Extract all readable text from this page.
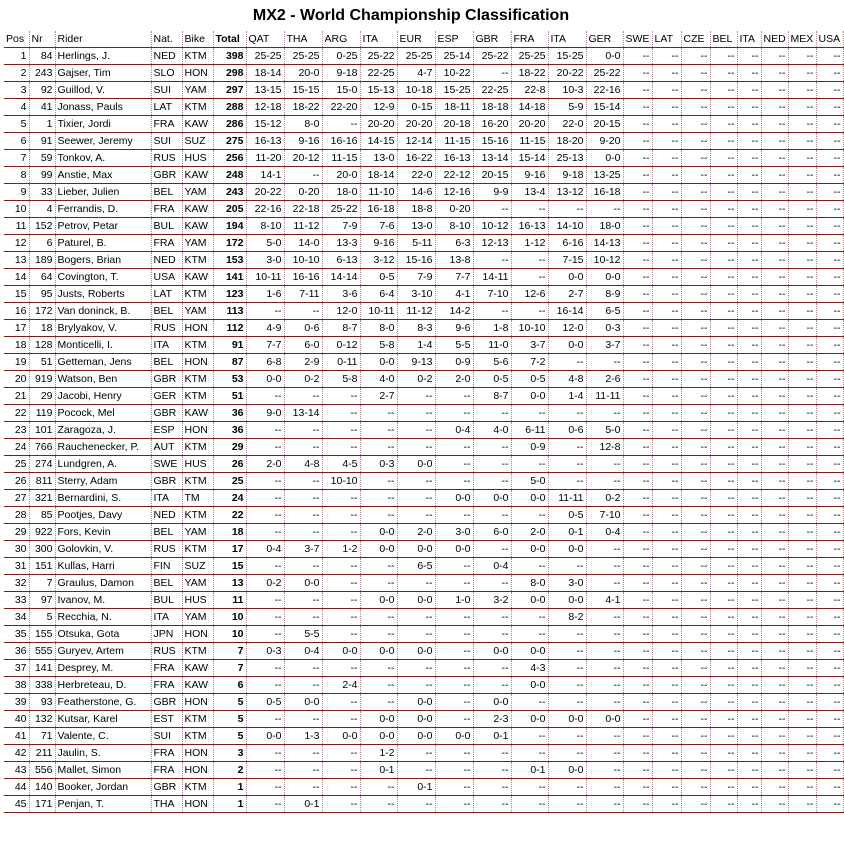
MX2 - World Championship Classification
Pos	Nr	Rider	Nat.	Bike	Total	QAT	THA	ARG	ITA	EUR	ESP	GBR	FRA	ITA	GER	SWE	LAT	CZE	BEL	ITA	NED	MEX	USA
1	84	Herlings, J.	NED	KTM	398	25-25	25-25	0-25	25-22	25-25	25-14	25-22	25-25	15-25	0-0	--	--	--	--	--	--	--	--
2	243	Gajser, Tim	SLO	HON	298	18-14	20-0	9-18	22-25	4-7	10-22	--	18-22	20-22	25-22	--	--	--	--	--	--	--	--
3	92	Guillod, V.	SUI	YAM	297	13-15	15-15	15-0	15-13	10-18	15-25	22-25	22-8	10-3	22-16	--	--	--	--	--	--	--	--
4	41	Jonass, Pauls	LAT	KTM	288	12-18	18-22	22-20	12-9	0-15	18-11	18-18	14-18	5-9	15-14	--	--	--	--	--	--	--	--
5	1	Tixier, Jordi	FRA	KAW	286	15-12	8-0	--	20-20	20-20	20-18	16-20	20-20	22-0	20-15	--	--	--	--	--	--	--	--
6	91	Seewer, Jeremy	SUI	SUZ	275	16-13	9-16	16-16	14-15	12-14	11-15	15-16	11-15	18-20	9-20	--	--	--	--	--	--	--	--
7	59	Tonkov, A.	RUS	HUS	256	11-20	20-12	11-15	13-0	16-22	16-13	13-14	15-14	25-13	0-0	--	--	--	--	--	--	--	--
8	99	Anstie, Max	GBR	KAW	248	14-1	--	20-0	18-14	22-0	22-12	20-15	9-16	9-18	13-25	--	--	--	--	--	--	--	--
9	33	Lieber, Julien	BEL	YAM	243	20-22	0-20	18-0	11-10	14-6	12-16	9-9	13-4	13-12	16-18	--	--	--	--	--	--	--	--
10	4	Ferrandis, D.	FRA	KAW	205	22-16	22-18	25-22	16-18	18-8	0-20	--	--	--	--	--	--	--	--	--	--	--	--
11	152	Petrov, Petar	BUL	KAW	194	8-10	11-12	7-9	7-6	13-0	8-10	10-12	16-13	14-10	18-0	--	--	--	--	--	--	--	--
12	6	Paturel, B.	FRA	YAM	172	5-0	14-0	13-3	9-16	5-11	6-3	12-13	1-12	6-16	14-13	--	--	--	--	--	--	--	--
13	189	Bogers, Brian	NED	KTM	153	3-0	10-10	6-13	3-12	15-16	13-8	--	--	7-15	10-12	--	--	--	--	--	--	--	--
14	64	Covington, T.	USA	KAW	141	10-11	16-16	14-14	0-5	7-9	7-7	14-11	--	0-0	0-0	--	--	--	--	--	--	--	--
15	95	Justs, Roberts	LAT	KTM	123	1-6	7-11	3-6	6-4	3-10	4-1	7-10	12-6	2-7	8-9	--	--	--	--	--	--	--	--
16	172	Van doninck, B.	BEL	YAM	113	--	--	12-0	10-11	11-12	14-2	--	--	16-14	6-5	--	--	--	--	--	--	--	--
17	18	Brylyakov, V.	RUS	HON	112	4-9	0-6	8-7	8-0	8-3	9-6	1-8	10-10	12-0	0-3	--	--	--	--	--	--	--	--
18	128	Monticelli, I.	ITA	KTM	91	7-7	6-0	0-12	5-8	1-4	5-5	11-0	3-7	0-0	3-7	--	--	--	--	--	--	--	--
19	51	Getteman, Jens	BEL	HON	87	6-8	2-9	0-11	0-0	9-13	0-9	5-6	7-2	--	--	--	--	--	--	--	--	--	--
20	919	Watson, Ben	GBR	KTM	53	0-0	0-2	5-8	4-0	0-2	2-0	0-5	0-5	4-8	2-6	--	--	--	--	--	--	--	--
21	29	Jacobi, Henry	GER	KTM	51	--	--	--	2-7	--	--	8-7	0-0	1-4	11-11	--	--	--	--	--	--	--	--
22	119	Pocock, Mel	GBR	KAW	36	9-0	13-14	--	--	--	--	--	--	--	--	--	--	--	--	--	--	--	--
23	101	Zaragoza, J.	ESP	HON	36	--	--	--	--	--	0-4	4-0	6-11	0-6	5-0	--	--	--	--	--	--	--	--
24	766	Rauchenecker, P.	AUT	KTM	29	--	--	--	--	--	--	--	0-9	--	12-8	--	--	--	--	--	--	--	--
25	274	Lundgren, A.	SWE	HUS	26	2-0	4-8	4-5	0-3	0-0	--	--	--	--	--	--	--	--	--	--	--	--	--
26	811	Sterry, Adam	GBR	KTM	25	--	--	10-10	--	--	--	--	5-0	--	--	--	--	--	--	--	--	--	--
27	321	Bernardini, S.	ITA	TM	24	--	--	--	--	--	0-0	0-0	0-0	11-11	0-2	--	--	--	--	--	--	--	--
28	85	Pootjes, Davy	NED	KTM	22	--	--	--	--	--	--	--	--	0-5	7-10	--	--	--	--	--	--	--	--
29	922	Fors, Kevin	BEL	YAM	18	--	--	--	0-0	2-0	3-0	6-0	2-0	0-1	0-4	--	--	--	--	--	--	--	--
30	300	Golovkin, V.	RUS	KTM	17	0-4	3-7	1-2	0-0	0-0	0-0	--	0-0	0-0	--	--	--	--	--	--	--	--	--
31	151	Kullas, Harri	FIN	SUZ	15	--	--	--	--	6-5	--	0-4	--	--	--	--	--	--	--	--	--	--	--
32	7	Graulus, Damon	BEL	YAM	13	0-2	0-0	--	--	--	--	--	8-0	3-0	--	--	--	--	--	--	--	--	--
33	97	Ivanov, M.	BUL	HUS	11	--	--	--	0-0	0-0	1-0	3-2	0-0	0-0	4-1	--	--	--	--	--	--	--	--
34	5	Recchia, N.	ITA	YAM	10	--	--	--	--	--	--	--	--	8-2	--	--	--	--	--	--	--	--	--
35	155	Otsuka, Gota	JPN	HON	10	--	5-5	--	--	--	--	--	--	--	--	--	--	--	--	--	--	--	--
36	555	Guryev, Artem	RUS	KTM	7	0-3	0-4	0-0	0-0	0-0	--	0-0	0-0	--	--	--	--	--	--	--	--	--	--
37	141	Desprey, M.	FRA	KAW	7	--	--	--	--	--	--	--	4-3	--	--	--	--	--	--	--	--	--	--
38	338	Herbreteau, D.	FRA	KAW	6	--	--	2-4	--	--	--	--	0-0	--	--	--	--	--	--	--	--	--	--
39	93	Featherstone, G.	GBR	HON	5	0-5	0-0	--	--	0-0	--	0-0	--	--	--	--	--	--	--	--	--	--	--
40	132	Kutsar, Karel	EST	KTM	5	--	--	--	0-0	0-0	--	2-3	0-0	0-0	0-0	--	--	--	--	--	--	--	--
41	71	Valente, C.	SUI	KTM	5	0-0	1-3	0-0	0-0	0-0	0-0	0-1	--	--	--	--	--	--	--	--	--	--	--
42	211	Jaulin, S.	FRA	HON	3	--	--	--	1-2	--	--	--	--	--	--	--	--	--	--	--	--	--	--
43	556	Mallet, Simon	FRA	HON	2	--	--	--	0-1	--	--	--	0-1	0-0	--	--	--	--	--	--	--	--	--
44	140	Booker, Jordan	GBR	KTM	1	--	--	--	--	0-1	--	--	--	--	--	--	--	--	--	--	--	--	--
45	171	Penjan, T.	THA	HON	1	--	0-1	--	--	--	--	--	--	--	--	--	--	--	--	--	--	--	--
